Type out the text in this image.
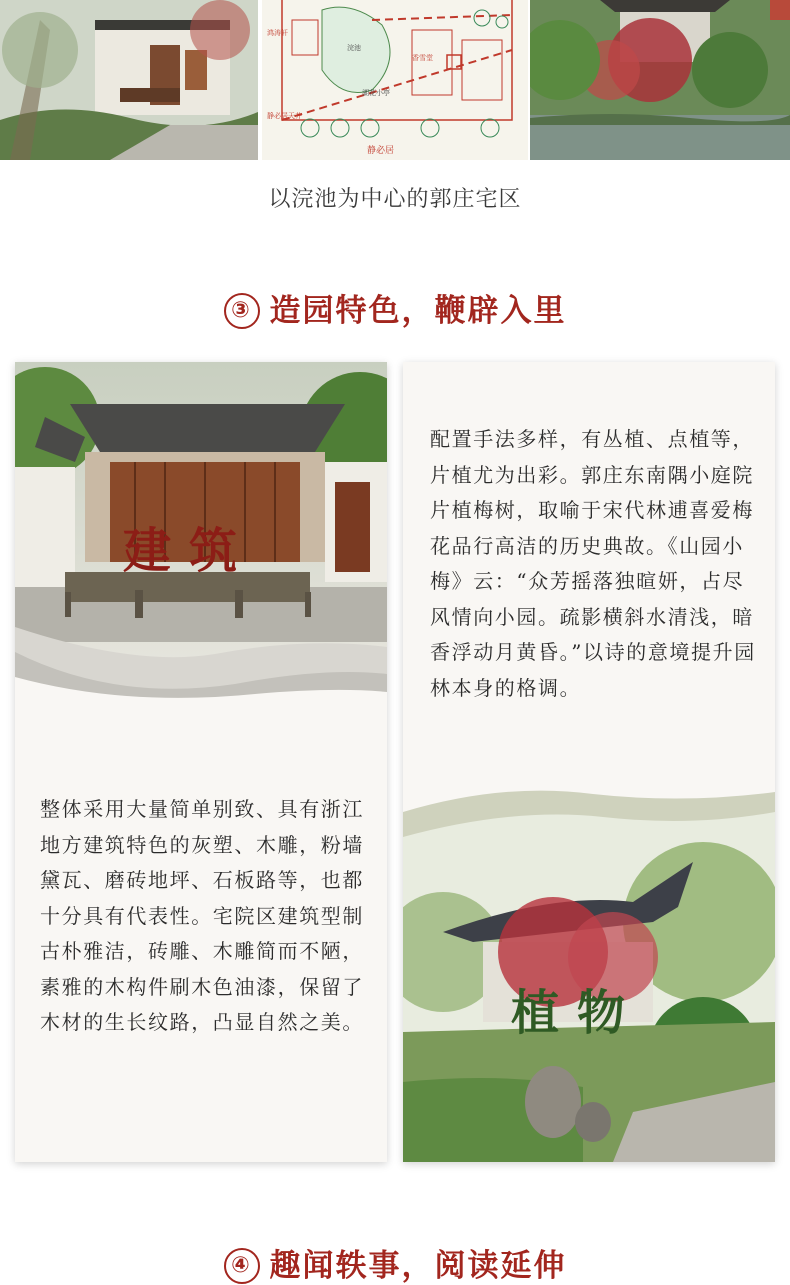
鸿涛轩
浣池
香雪堂
静必居天井
湖花小亭
静必居
以浣池为中心的郭庄宅区
③ 造园特色，鞭辟入里
建筑
整体采用大量简单别致、具有浙江地方建筑特色的灰塑、木雕，粉墙黛瓦、磨砖地坪、石板路等，也都十分具有代表性。宅院区建筑型制古朴雅洁，砖雕、木雕简而不陋，素雅的木构件刷木色油漆，保留了木材的生长纹路，凸显自然之美。
配置手法多样，有丛植、点植等，片植尤为出彩。郭庄东南隅小庭院片植梅树，取喻于宋代林逋喜爱梅花品行高洁的历史典故。《山园小梅》云：“众芳摇落独暄妍，占尽风情向小园。疏影横斜水清浅，暗香浮动月黄昏。”以诗的意境提升园林本身的格调。
植物
④ 趣闻轶事，阅读延伸
